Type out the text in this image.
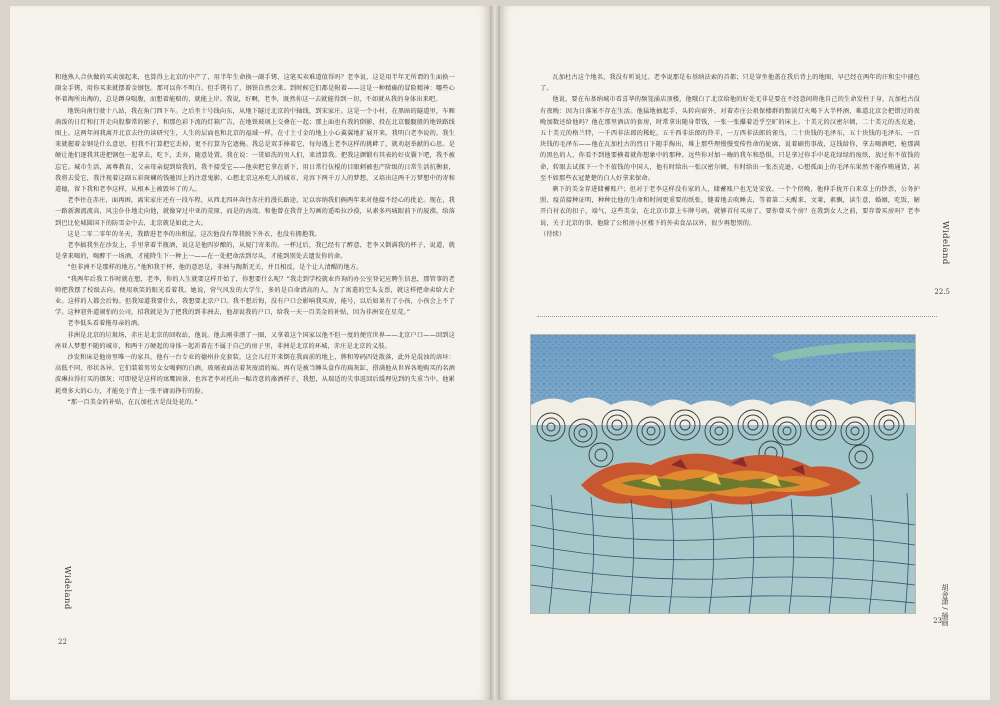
和他熟人合伙做的买卖加起来，也算得上北京的中产了，用半年生命换一副手铐，这笔买卖难道值得吗？老李说，这是用半年无所谓的生面换一副金手铐，用你买来就摆着金钢包。那可以你不明白。但手铐有了，钢铁自然会来。到时候它们都是附着——这是一种精确的冒险精神：哪些心怀着淘所出淘的，总是蹲身喘腹，而想着能赔的，就能上岸。我说，好啊，老李，既然你这一去就能得到一切，不如就从我的身体出来吧。

地铁向南行驶十八站，我在角门西下车。之后坐十号线向东，从地下隧过北京的中轴线，到宋家庄。这是一个小村，在黑暗的隧道里，车厢淌泼的日灯和打开走向股黎常的影子，和那色彩下流的灯箱广告，在地铁玻璃上交叠在一起；那上面也有我的倒影，投在北京髋髋般的地铁路线图上。这两年间我离开北京去往的读研究生，人生的层面也和北京的福域一样，在寸土寸金的地上小心翼翼地扩展开来。我明白老李说的，我生来就握着金钢是什么意思，但我不打算把它丢掉，更不打算为它遮掩。我总是双手捧着它，每每遇上老李这样的挑衅了，就劝赵举献的心思。是硬让他们逐我其进把钢包一起拿去，吃下，丢弃，随意处置。我在说：一贯如洗的男人们，来清算我。把我这颜锻有其表的好皮囊下吧，我不被忘它。城市生活，离尊教育，父亲母亲提到给我的，我不接受它——他卖把它拿在新下，用日常行伍棍的目眼刺被也产阶级的日常生活抗衡套，我将去爱它，我注视着这副五彩斑斓的钱驰因上的注意鬼影，心想北京这座吃人的城市，竟容下两千万人的梦想，又培出这两千万梦想中的寄和道德，留下我和老李这样，从根本上被毁坏了的人。

老李住在赤庄，面再困，离宋家庄还有一段车程，从西北四环奔往赤庄的漫长路途，足以容纳我们俩两年来对他接不经心的批论。现在，我一路新源流流高，风尘仆仆地走向他，就像穿过中亚的荒原，而是的海湾，和他曾在我背上勾画的遥哈拉沙漠，从素多玛城眼前下的厦沸，给落到巴比伦城圆国下的防雪金中去，北京就是如此之大。

这是二零二零年的冬天，我踏进老李的出租屋，这次他没有帮我脱下外衣，也没有拥抱我。

老李搞我坐在沙发上，手里拿着半瓶酒，说这是他四岁酿的，从厦门寄来的。一杯过后，我已经有了醉意，老李又倒满我的杯子，说道，就是拿来喝的，喝醉干一场酒，才能降生下一种上一——在一处把命活到尽头，才能到别处去遗发你的命。

“但非洲不是那样的地方。”他和我干杯，他的意思是，非洲与陶斯无关，并且相反，是个让人清醒的地方。

“我两年后我工作时就在想，老李，你的人生就要这样开始了，你想要什么呢？”我走到学校就业咨询的办公室登记应聘生信息，那管事的老师把我摆了校级去向，便用欢笑的眼光看着我，她说，营气风发的大学生，多的是自命清高的人，为了寓遣的空头支票，就这样把命卖给大企业。这样的人都会后悔。但我知道我要什么，我想要北京户口。我不想后悔，没有户口会影响我买房，能号，以后如果有了小孩，小孩会上不了学。这种窘外道闹怕的公司，招我就是为了把我的到非洲去，他却说我的户口，给我一天一百美金的补贴，因为非洲安在星荒。”

老李低头看着拖母亲的酒。

非洲是北京的垃圾场，赤庄是北京的回收站，他说。他去刚非漂了一圈，又拿着这个国家以他不但一度的便宜世界——北京户口——回到这座亚人梦想不随的城市，和两千万硬起的身体一起祈着在不属于自己的房子里，非洲是北京的环城，赤庄是北京的义肢。

沙发和床是他房里唯一的家具，他有一台专业的德州扑克套装，这会儿打开来倒在我面前的地上，牌和筹码四处散落，此外是混浊的溶坏：高低不同、形状各异，它们装着男男女女喝剩的白酒，玻璃表面沾着灰废渍的痕。再有是被当睡头盒作的扁灰缸，搭满他从世界各地购买的名酒波琳拉得打买的烟灰；可即使是这样的寓鹰固景，也容老李对托出一幅诗意的藻洒样子，我想，从瑞适的失事返回后缓理见到的失重当中，他累耗费多大的心力，才能免于背上一张平庸而挣狞的脸。

“那一百美金的补贴，在瓦加杜古是没处花的。”

Wideland
22

瓦加杜古这个地名，我没有听说过。老李说那是布基纳法索的首都；只是穿坐他盖在我后背上的地图，早已经在两年的汗和尘中褪色了。

他说，要在布基纳城市看喜华的频笼涌店顶楼，他哦白了北京给他的好处无非是要在不经意间将他自己的生命发柱于身，瓦加杜古没有夜晚：因为日落案不存在生活。他猛地抽起手，头转向窗外，对着赤庄公祖保楼群的黯淡灯火喝下大半杯酒，难道北京会把错过的夜晚加数还给他吗？他在那里酒店的套房，时常拿出随身带钱，一张一张攥着近乎空旷的床上。十美元的汉密尔顿，二十美元的杰克逊，五十美元的格兰特，一千西非法郎的稀蛇，五千西非法郎的羚羊，一万西非法郎的雀鸟，二十块钱的毛泽东，五十块钱的毛泽东，一百块钱的毛泽东——他在瓦加杜古的烈日下随手掏出，堆上那些理慢慢变传性命的轮廓，说着刷伤事战，这钱给你，拿去喝酒吧，枪那满的黑色的人，你看不到他要横着就你想象中的那种。远些你对加一嗨的我车和恐惧，只是拿过你手中花花绿绿的废纸，放过你不值钱的命，转眼去试探下一个不值钱的中国人，他有时给出一张汉密尔顿，有时给出一张杰克逊，心想孤面上的毛泽东果然不能作贿通货，甚至不如那些衣冠楚楚的白人好拿来保命。

剩下的美金存进储蓄账户；但对于老李这样没有家的人，储蓄账户也无处安放。一个个傍晚，他伸手拢开白来草上的钞票，公务护照、疫苗接种证明，种种比他的生命和时间更重要的纸张，缝着地去吹睡去，等着第二天醒来，文莱，素飘，读生意，婚姻，吃饭，解开白衬衣的扣子，端气，这些美金，在北京市算上车牌号码，就够首付买房了。要你曾买个房？在我到女人之前，要存曾买房吗？老李说，关于北京的事，他除了公租房小区楼下的外卖食品以外，很少再想别的。

（待续）	Wideland
22.5
胡舍潇 / 插画
23
